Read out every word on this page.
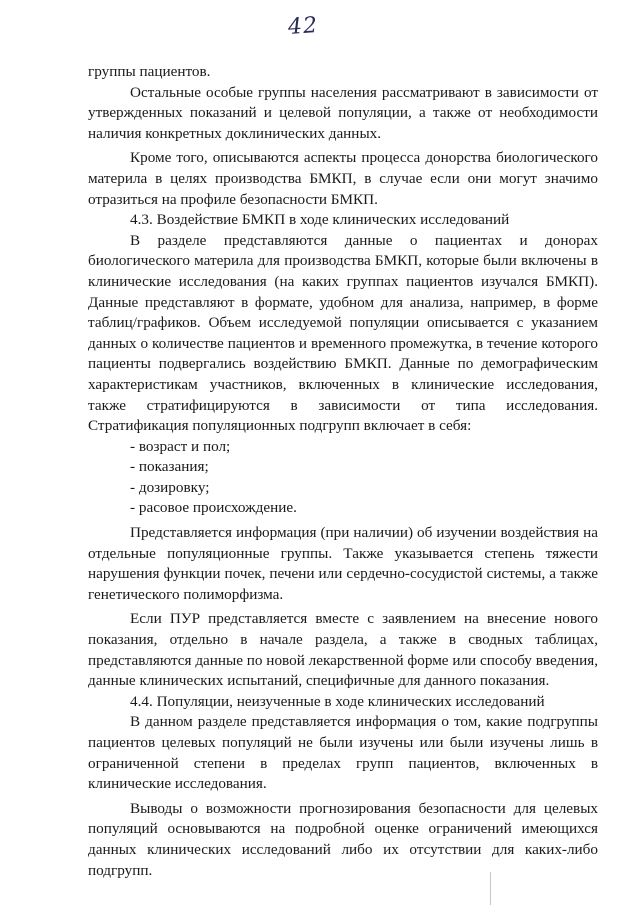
42

группы пациентов.

Остальные особые группы населения рассматривают в зависимости от утвержденных показаний и целевой популяции, а также от необходимости наличия конкретных доклинических данных.

Кроме того, описываются аспекты процесса донорства биологического материла в целях производства БМКП, в случае если они могут значимо отразиться на профиле безопасности БМКП.

4.3. Воздействие БМКП в ходе клинических исследований

В разделе представляются данные о пациентах и донорах биологического материла для производства БМКП, которые были включены в клинические исследования (на каких группах пациентов изучался БМКП). Данные представляют в формате, удобном для анализа, например, в форме таблиц/графиков. Объем исследуемой популяции описывается с указанием данных о количестве пациентов и временного промежутка, в течение которого пациенты подвергались воздействию БМКП. Данные по демографическим характеристикам участников, включенных в клинические исследования, также стратифицируются в зависимости от типа исследования. Стратификация популяционных подгрупп включает в себя:

- возраст и пол;

- показания;

- дозировку;

- расовое происхождение.

Представляется информация (при наличии) об изучении воздействия на отдельные популяционные группы. Также указывается степень тяжести нарушения функции почек, печени или сердечно-сосудистой системы, а также генетического полиморфизма.

Если ПУР представляется вместе с заявлением на внесение нового показания, отдельно в начале раздела, а также в сводных таблицах, представляются данные по новой лекарственной форме или способу введения, данные клинических испытаний, специфичные для данного показания.

4.4. Популяции, неизученные в ходе клинических исследований

В данном разделе представляется информация о том, какие подгруппы пациентов целевых популяций не были изучены или были изучены лишь в ограниченной степени в пределах групп пациентов, включенных в клинические исследования.

Выводы о возможности прогнозирования безопасности для целевых популяций основываются на подробной оценке ограничений имеющихся данных клинических исследований либо их отсутствии для каких-либо подгрупп.
